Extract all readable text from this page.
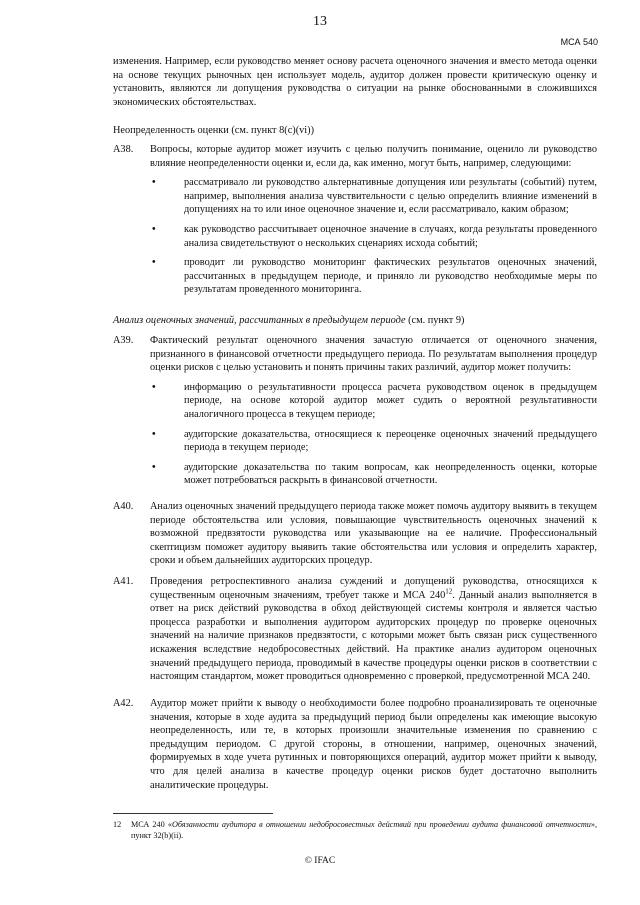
13
МСА 540
изменения. Например, если руководство меняет основу расчета оценочного значения и вместо метода оценки на основе текущих рыночных цен использует модель, аудитор должен провести критическую оценку и установить, являются ли допущения руководства о ситуации на рынке обоснованными в сложившихся экономических обстоятельствах.
Неопределенность оценки (см. пункт 8(с)(vi))
А38.	Вопросы, которые аудитор может изучить с целью получить понимание, оценило ли руководство влияние неопределенности оценки и, если да, как именно, могут быть, например, следующими:
•	рассматривало ли руководство альтернативные допущения или результаты (событий) путем, например, выполнения анализа чувствительности с целью определить влияние изменений в допущениях на то или иное оценочное значение и, если рассматривало, каким образом;
•	как руководство рассчитывает оценочное значение в случаях, когда результаты проведенного анализа свидетельствуют о нескольких сценариях исхода событий;
•	проводит ли руководство мониторинг фактических результатов оценочных значений, рассчитанных в предыдущем периоде, и приняло ли руководство необходимые меры по результатам проведенного мониторинга.
Анализ оценочных значений, рассчитанных в предыдущем периоде (см. пункт 9)
А39.	Фактический результат оценочного значения зачастую отличается от оценочного значения, признанного в финансовой отчетности предыдущего периода. По результатам выполнения процедур оценки рисков с целью установить и понять причины таких различий, аудитор может получить:
•	информацию о результативности процесса расчета руководством оценок в предыдущем периоде, на основе которой аудитор может судить о вероятной результативности аналогичного процесса в текущем периоде;
•	аудиторские доказательства, относящиеся к переоценке оценочных значений предыдущего периода в текущем периоде;
•	аудиторские доказательства по таким вопросам, как неопределенность оценки, которые может потребоваться раскрыть в финансовой отчетности.
А40.	Анализ оценочных значений предыдущего периода также может помочь аудитору выявить в текущем периоде обстоятельства или условия, повышающие чувствительность оценочных значений к возможной предвзятости руководства или указывающие на ее наличие. Профессиональный скептицизм поможет аудитору выявить такие обстоятельства или условия и определить характер, сроки и объем дальнейших аудиторских процедур.
А41.	Проведения ретроспективного анализа суждений и допущений руководства, относящихся к существенным оценочным значениям, требует также и МСА $240^{12}$. Данный анализ выполняется в ответ на риск действий руководства в обход действующей системы контроля и является частью процесса разработки и выполнения аудитором аудиторских процедур по проверке оценочных значений на наличие признаков предвзятости, с которыми может быть связан риск существенного искажения вследствие недобросовестных действий. На практике анализ аудитором оценочных значений предыдущего периода, проводимый в качестве процедуры оценки рисков в соответствии с настоящим стандартом, может проводиться одновременно с проверкой, предусмотренной МСА 240.
А42.	Аудитор может прийти к выводу о необходимости более подробно проанализировать те оценочные значения, которые в ходе аудита за предыдущий период были определены как имеющие высокую неопределенность, или те, в которых произошли значительные изменения по сравнению с предыдущим периодом. С другой стороны, в отношении, например, оценочных значений, формируемых в ходе учета рутинных и повторяющихся операций, аудитор может прийти к выводу, что для целей анализа в качестве процедур оценки рисков будет достаточно выполнить аналитические процедуры.
12 МСА 240 «Обязанности аудитора в отношении недобросовестных действий при проведении аудита финансовой отчетности», пункт 32(b)(ii).
© IFAC
